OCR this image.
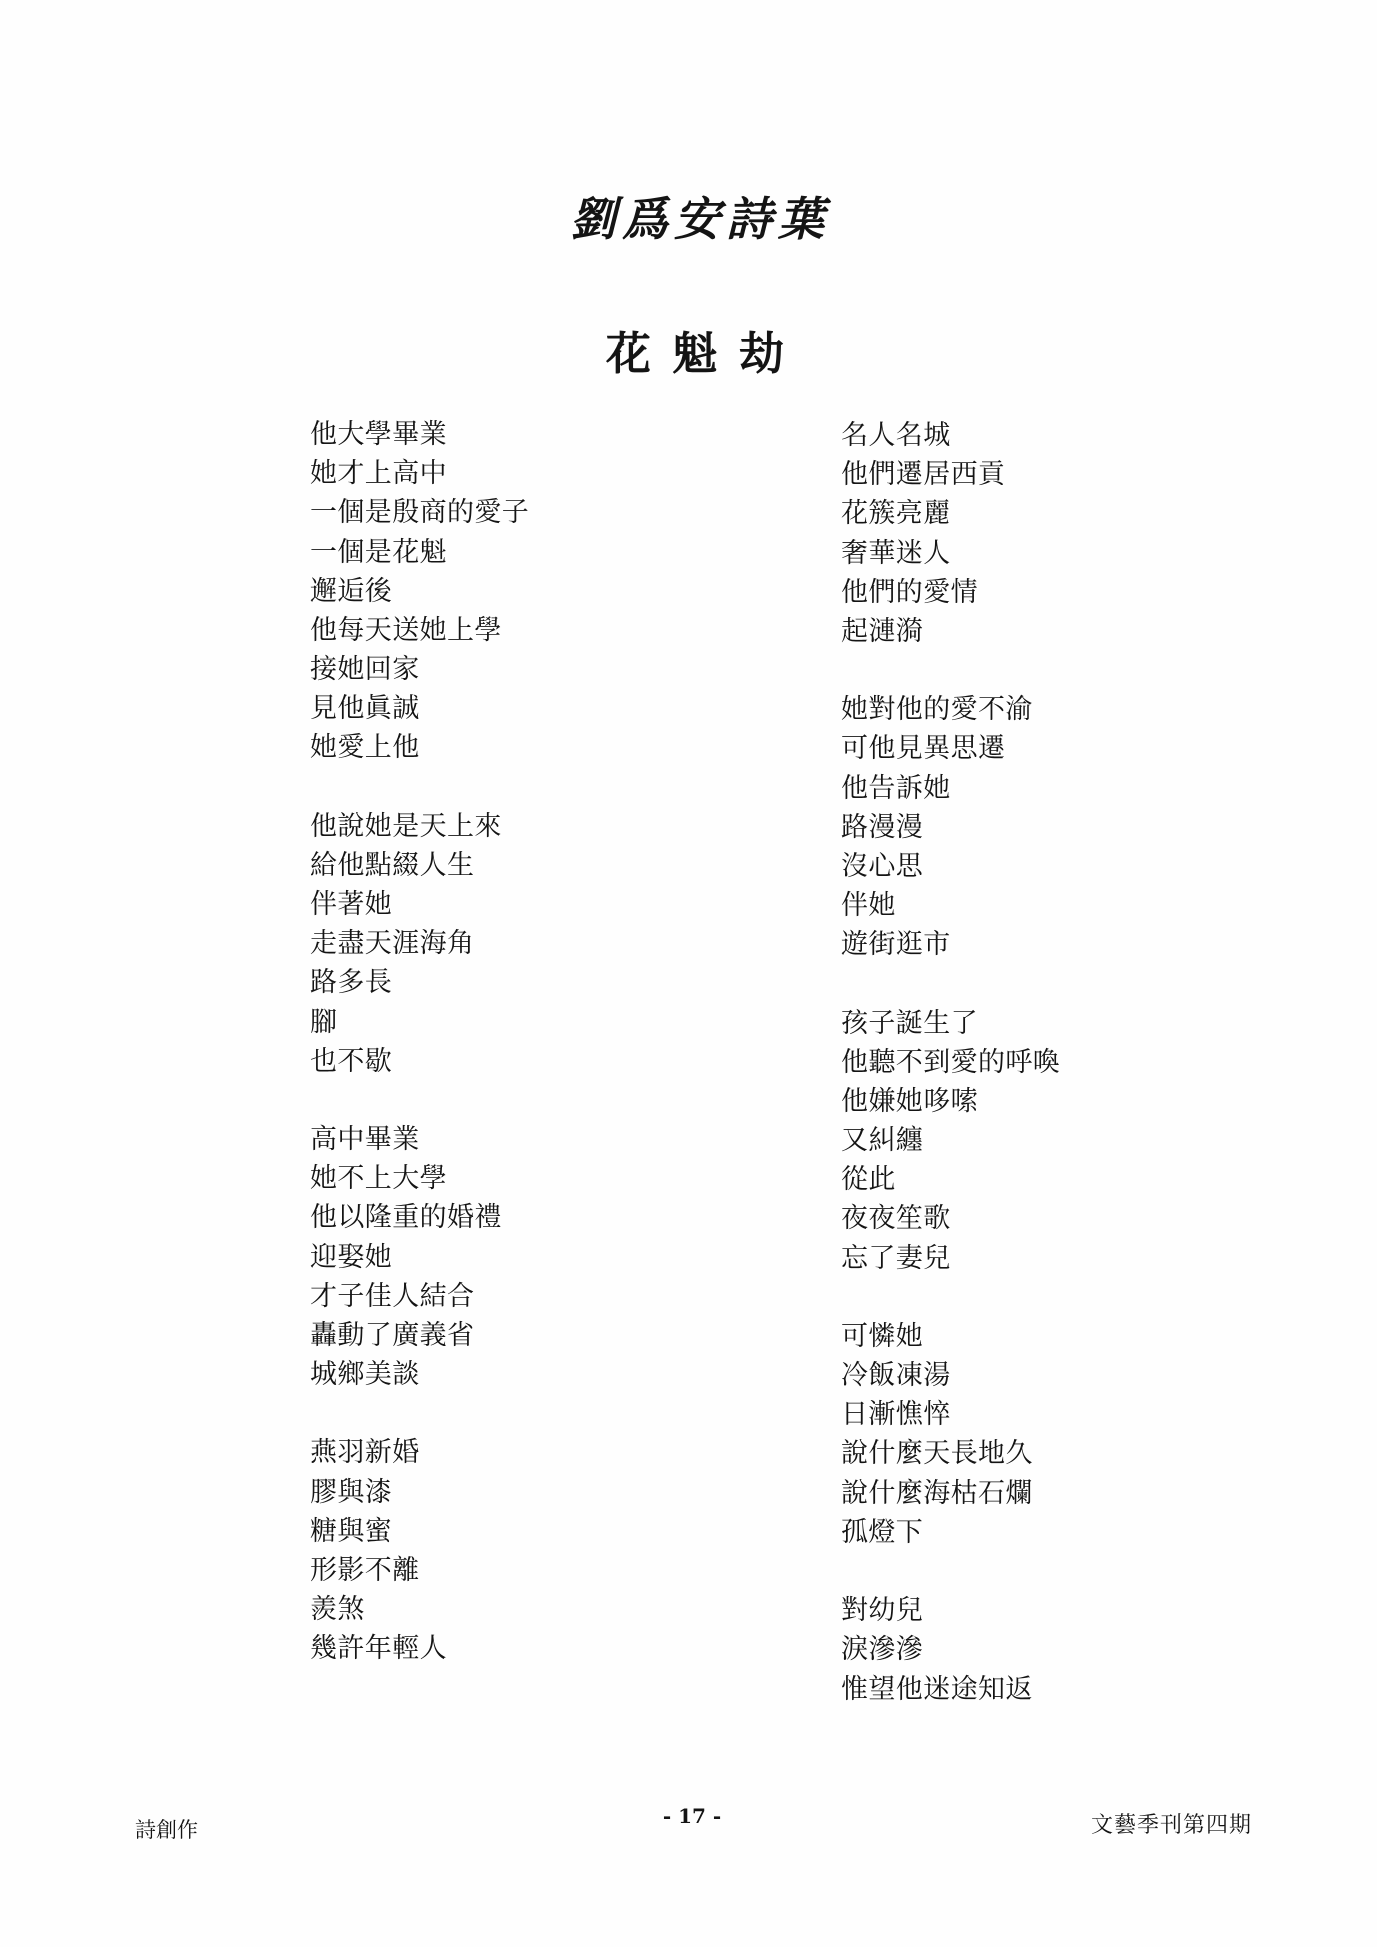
劉爲安詩葉
花 魁 劫
他大學畢業
她才上高中
一個是殷商的愛子
一個是花魁
邂逅後
他每天送她上學
接她回家
見他眞誠
她愛上他
他說她是天上來
給他點綴人生
伴著她
走盡天涯海角
路多長
腳
也不歇
高中畢業
她不上大學
他以隆重的婚禮
迎娶她
才子佳人結合
轟動了廣義省
城鄉美談
燕羽新婚
膠與漆
糖與蜜
形影不離
羨煞
幾許年輕人
名人名城
他們遷居西貢
花簇亮麗
奢華迷人
他們的愛情
起漣漪
她對他的愛不渝
可他見異思遷
他告訴她
路漫漫
沒心思
伴她
遊街逛市
孩子誕生了
他聽不到愛的呼喚
他嫌她哆嗦
又糾纏
從此
夜夜笙歌
忘了妻兒
可憐她
冷飯凍湯
日漸憔悴
說什麼天長地久
說什麼海枯石爛
孤燈下
對幼兒
淚滲滲
惟望他迷途知返
詩創作
- 17 -	文藝季刊第四期
